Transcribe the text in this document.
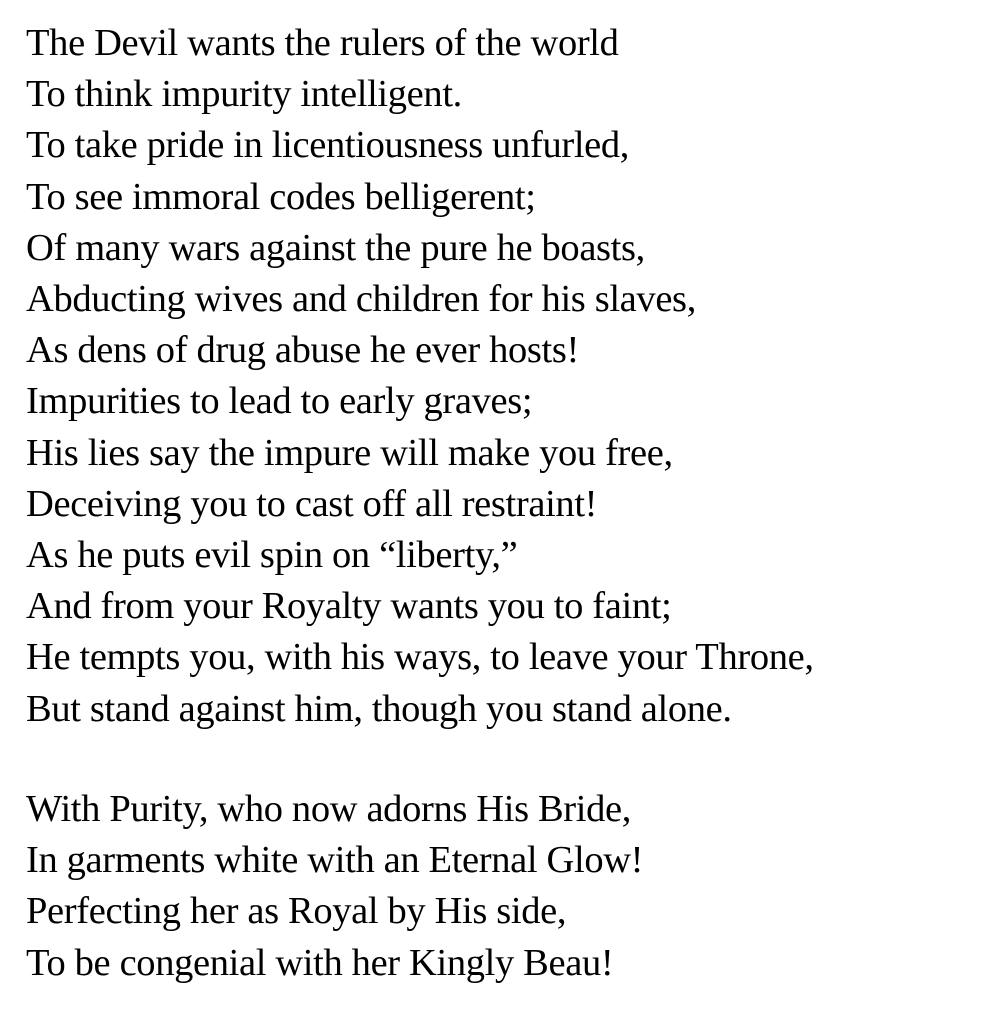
The Devil wants the rulers of the world
To think impurity intelligent.
To take pride in licentiousness unfurled,
To see immoral codes belligerent;
Of many wars against the pure he boasts,
Abducting wives and children for his slaves,
As dens of drug abuse he ever hosts!
Impurities to lead to early graves;
His lies say the impure will make you free,
Deceiving you to cast off all restraint!
As he puts evil spin on “liberty,”
And from your Royalty wants you to faint;
He tempts you, with his ways, to leave your Throne,
But stand against him, though you stand alone.
With Purity, who now adorns His Bride,
In garments white with an Eternal Glow!
Perfecting her as Royal by His side,
To be congenial with her Kingly Beau!
